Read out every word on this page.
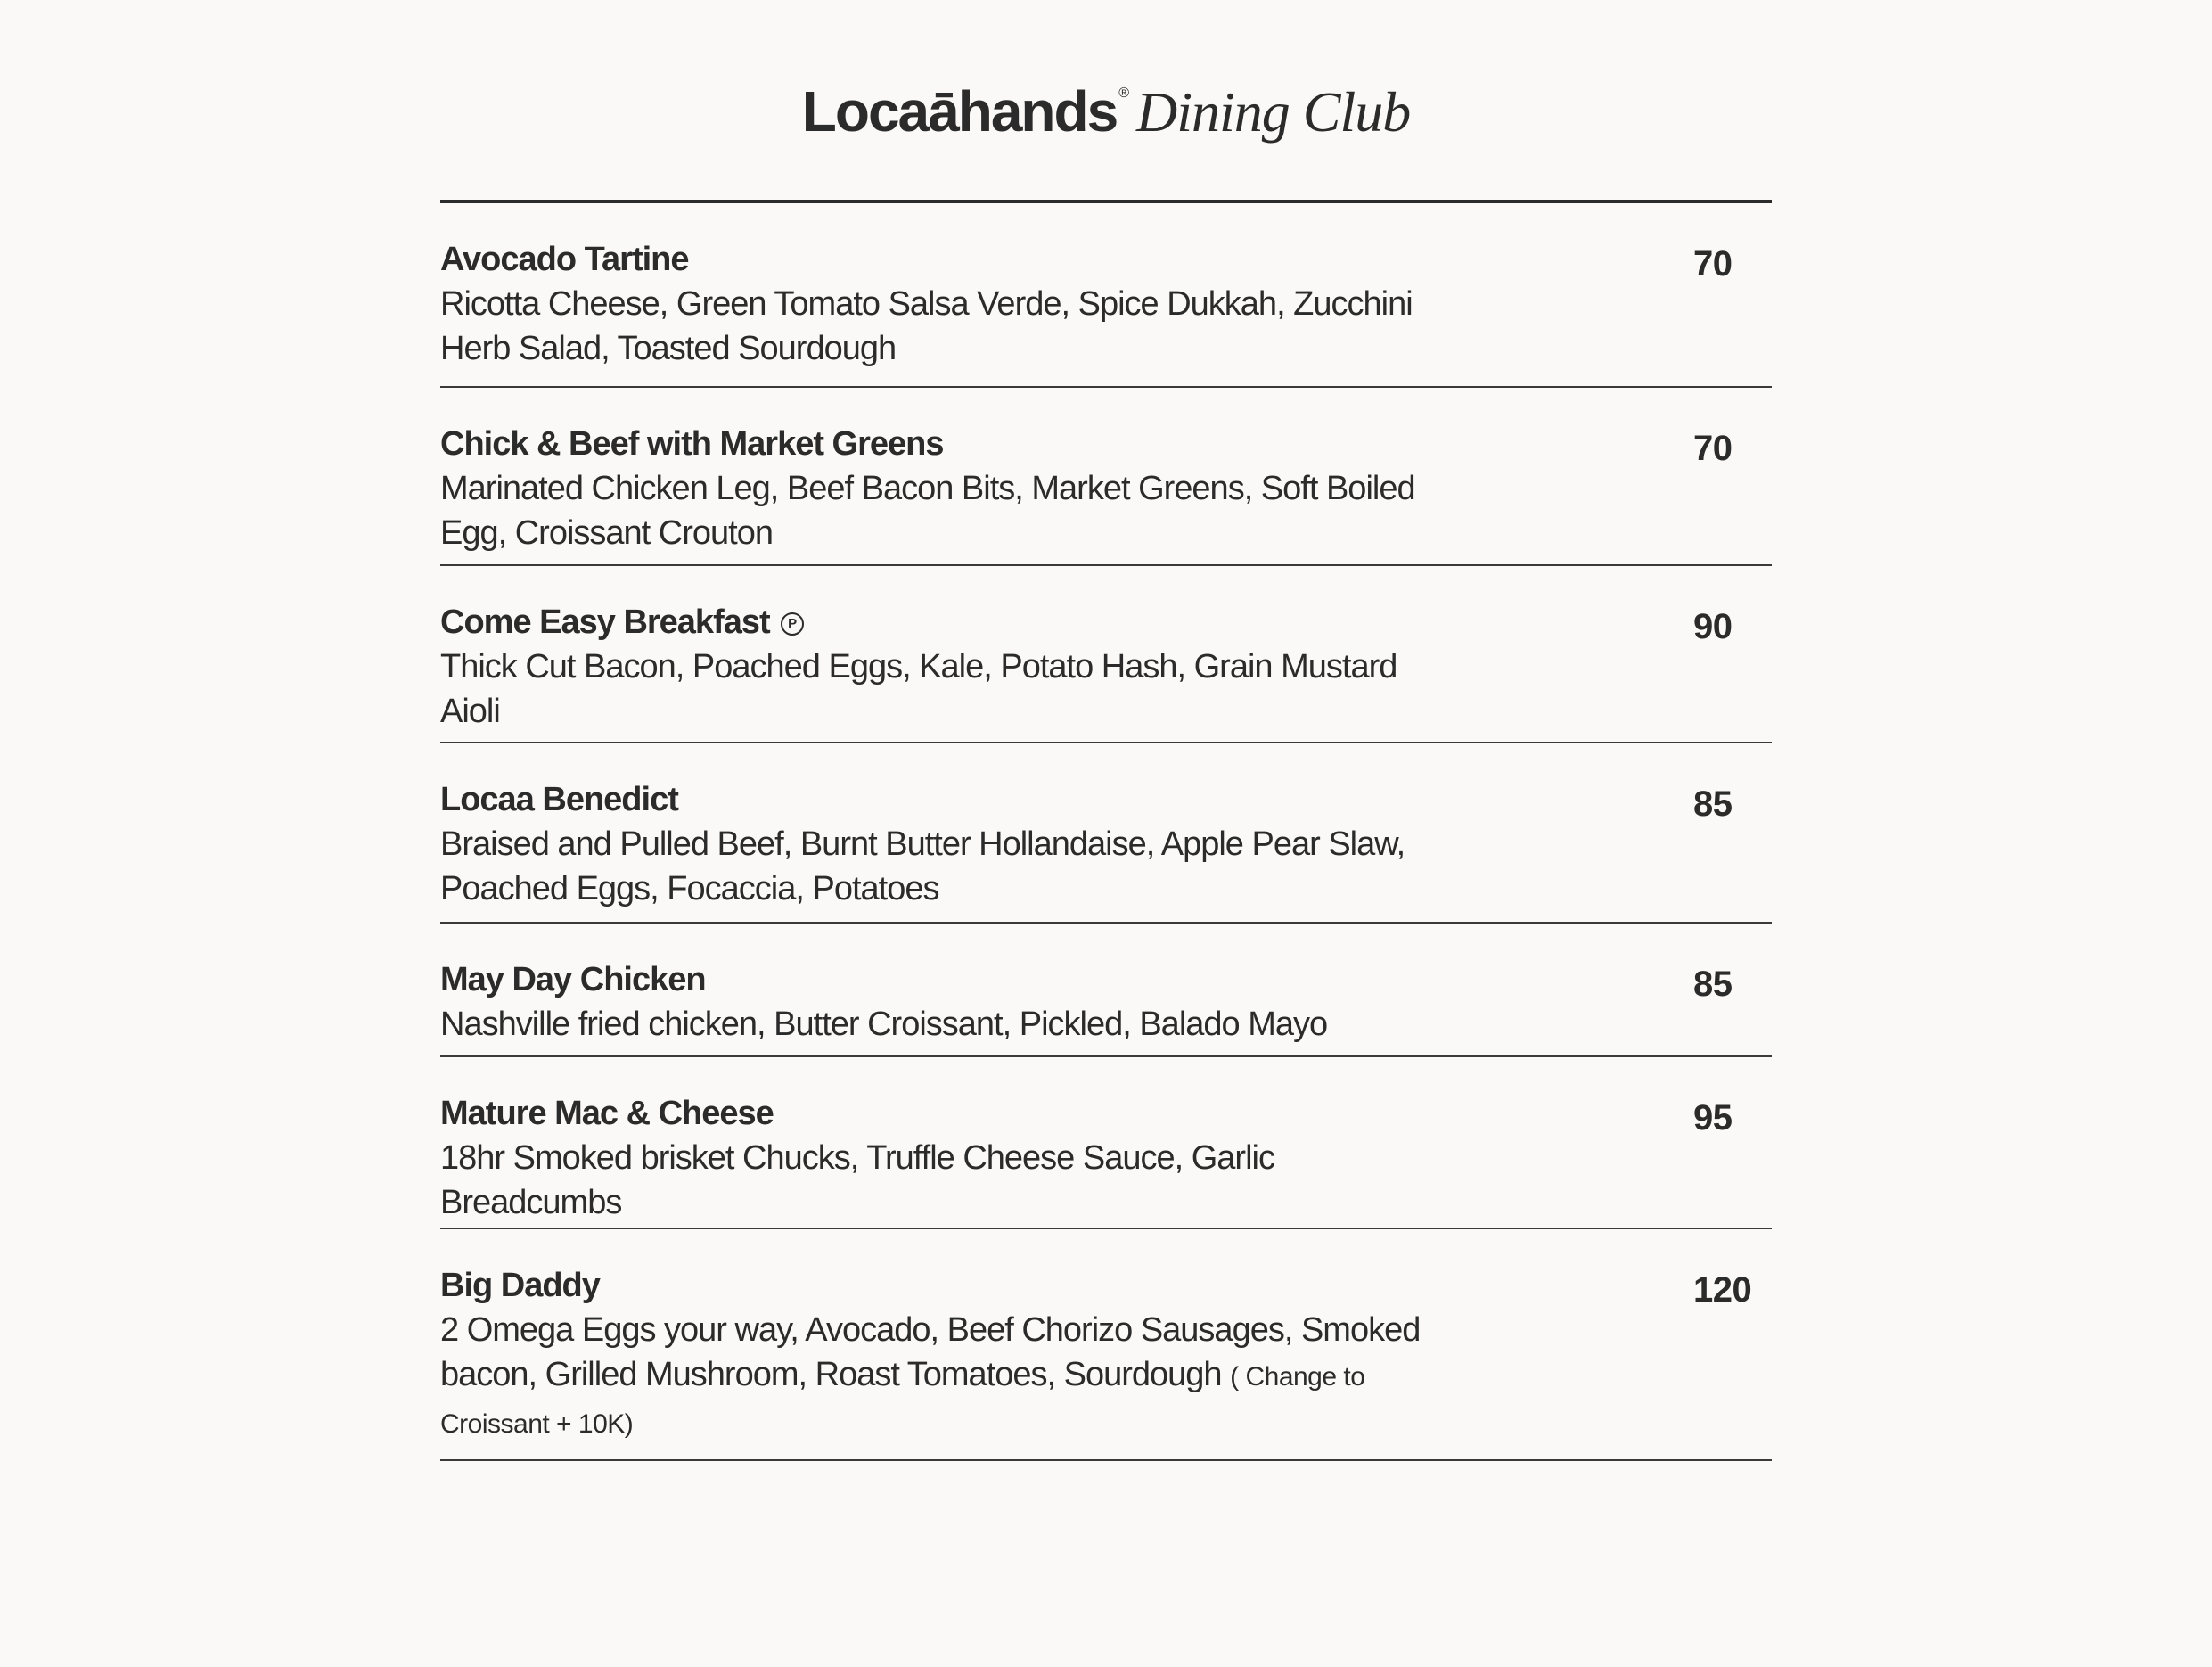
Locaāhands ® Dining Club
Avocado Tartine
Ricotta Cheese, Green Tomato Salsa Verde, Spice Dukkah, Zucchini Herb Salad, Toasted Sourdough
70
Chick & Beef with Market Greens
Marinated Chicken Leg, Beef Bacon Bits, Market Greens, Soft Boiled Egg, Croissant Crouton
70
Come Easy Breakfast P
Thick Cut Bacon, Poached Eggs, Kale, Potato Hash, Grain Mustard Aioli
90
Locaa Benedict
Braised and Pulled Beef, Burnt Butter Hollandaise, Apple Pear Slaw, Poached Eggs, Focaccia, Potatoes
85
May Day Chicken
Nashville fried chicken, Butter Croissant, Pickled, Balado Mayo
85
Mature Mac & Cheese
18hr Smoked brisket Chucks, Truffle Cheese Sauce, Garlic Breadcumbs
95
Big Daddy
2 Omega Eggs your way, Avocado, Beef Chorizo Sausages, Smoked bacon, Grilled Mushroom, Roast Tomatoes, Sourdough ( Change to Croissant + 10K)
120
